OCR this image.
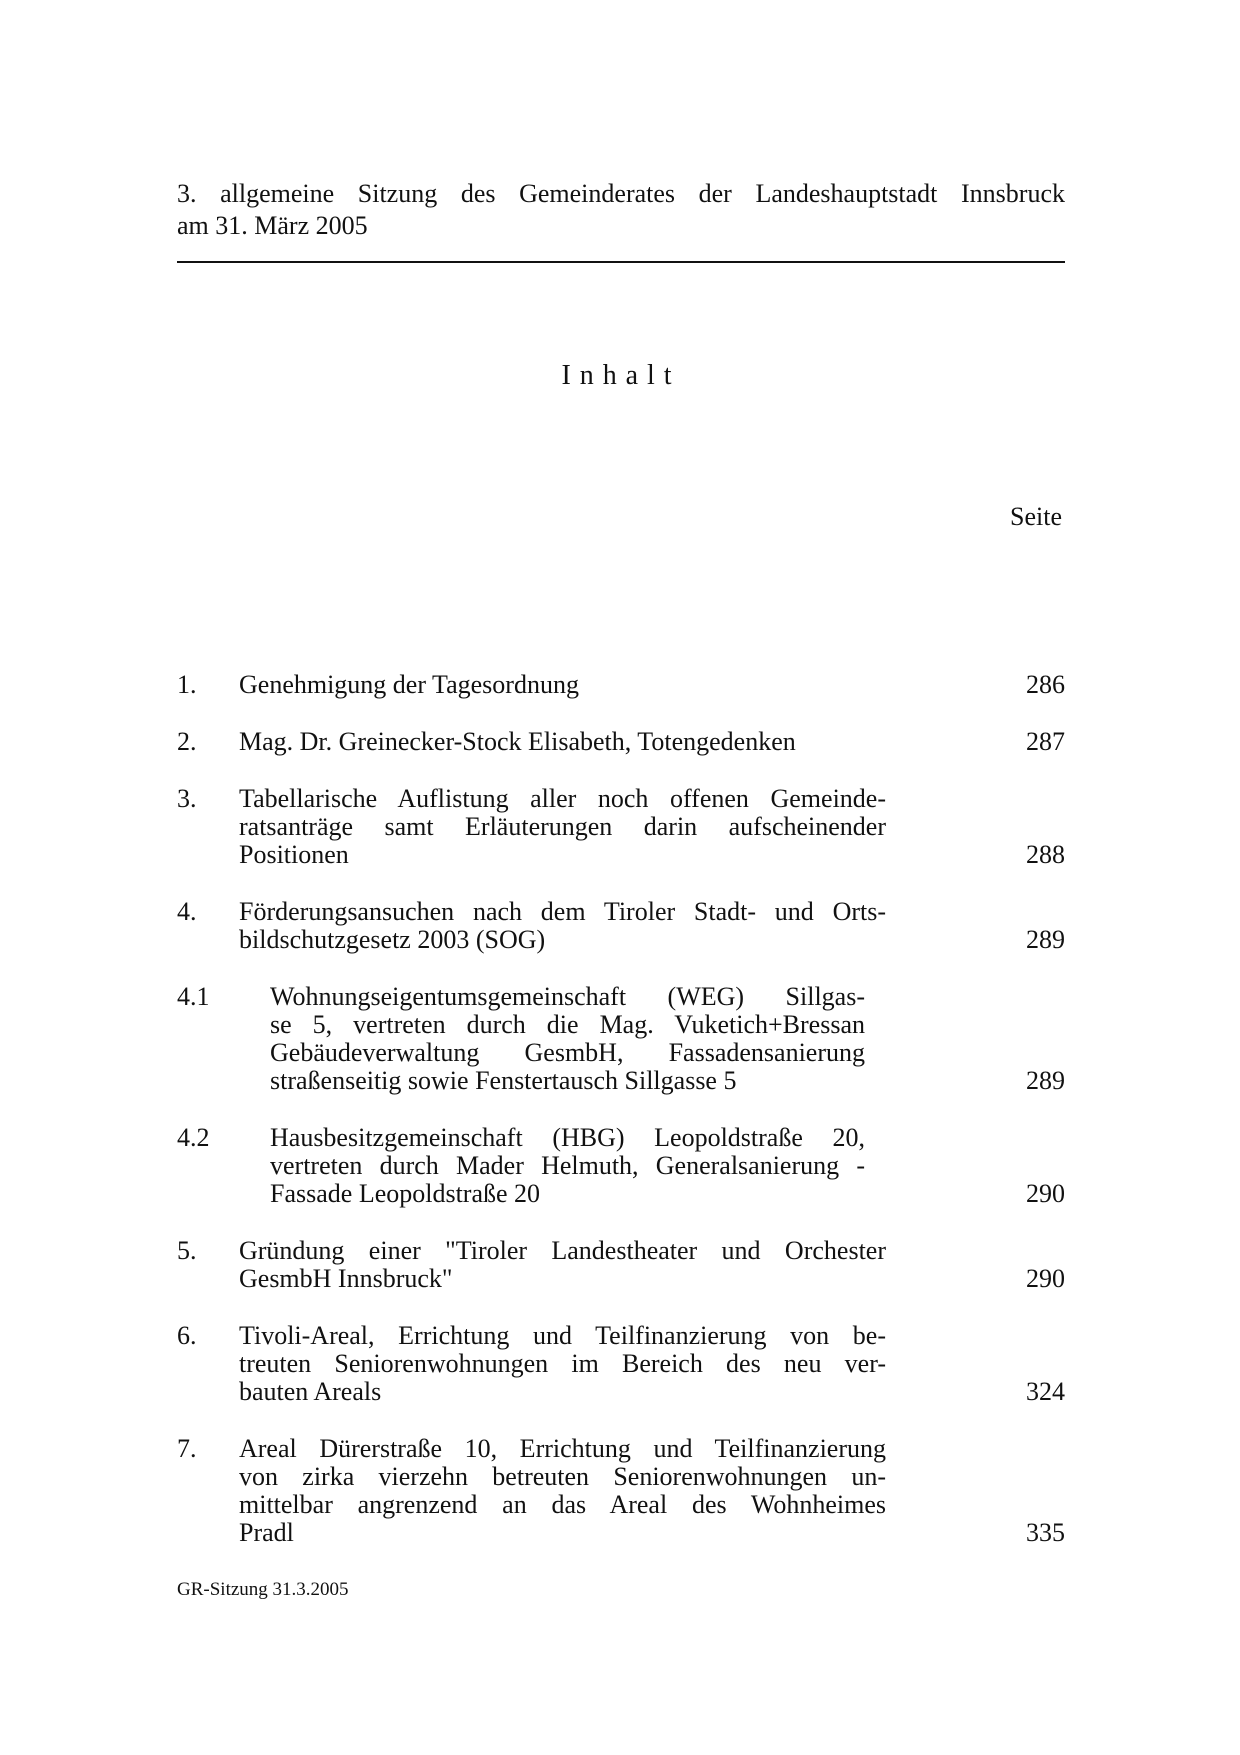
3. allgemeine Sitzung des Gemeinderates der Landeshauptstadt Innsbruck
am 31. März 2005
Inhalt
Seite
1.	Genehmigung der Tagesordnung	286
2.	Mag. Dr. Greinecker-Stock Elisabeth, Totengedenken	287
3.	Tabellarische Auflistung aller noch offenen Gemeinde-
ratsanträge samt Erläuterungen darin aufscheinender
Positionen	288
4.	Förderungsansuchen nach dem Tiroler Stadt- und Orts-
bildschutzgesetz 2003 (SOG)	289
4.1	Wohnungseigentumsgemeinschaft (WEG) Sillgas-
se 5, vertreten durch die Mag. Vuketich+Bressan
Gebäudeverwaltung GesmbH, Fassadensanierung
straßenseitig sowie Fenstertausch Sillgasse 5	289
4.2	Hausbesitzgemeinschaft (HBG) Leopoldstraße 20,
vertreten durch Mader Helmuth, Generalsanierung -
Fassade Leopoldstraße 20	290
5.	Gründung einer "Tiroler Landestheater und Orchester
GesmbH Innsbruck"	290
6.	Tivoli-Areal, Errichtung und Teilfinanzierung von be-
treuten Seniorenwohnungen im Bereich des neu ver-
bauten Areals	324
7.	Areal Dürerstraße 10, Errichtung und Teilfinanzierung
von zirka vierzehn betreuten Seniorenwohnungen un-
mittelbar angrenzend an das Areal des Wohnheimes
Pradl	335
GR-Sitzung 31.3.2005
